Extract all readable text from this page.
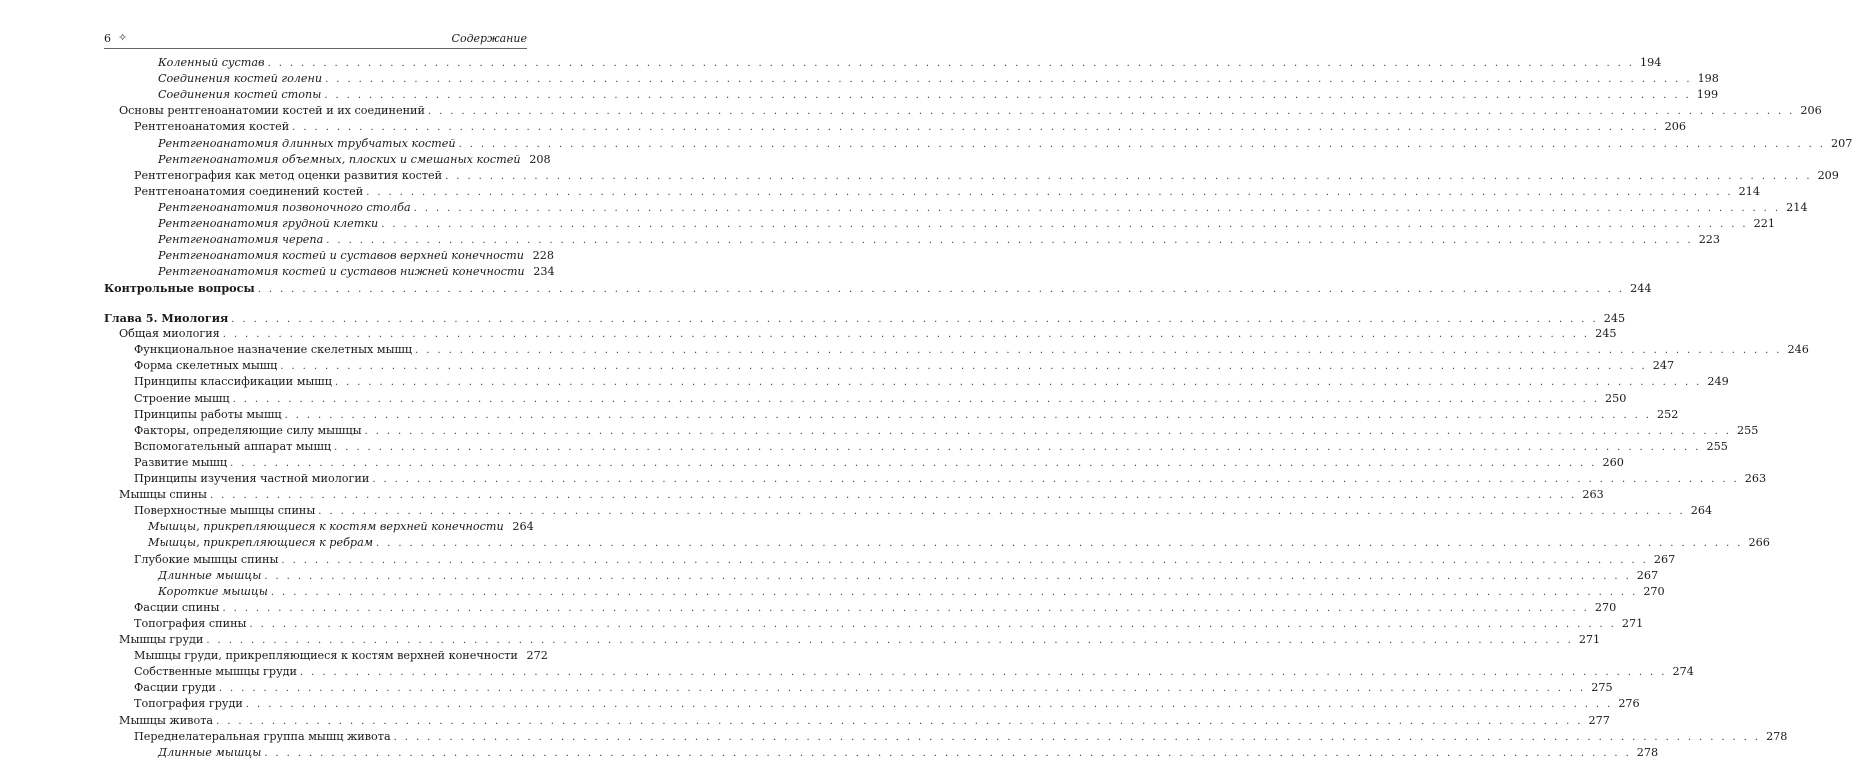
6 ✧	Содержание
Коленный сустав . . .	194
Соединения костей голени . . .	198
Соединения костей стопы . . .	199
Основы рентгеноанатомии костей и их соединений . . .	206
Рентгеноанатомия костей . . .	206
Рентгеноанатомия длинных трубчатых костей . . .	207
Рентгеноанатомия объемных, плоских и смешаных костей 208
Рентгенография как метод оценки развития костей . . .	209
Рентгеноанатомия соединений костей . . .	214
Рентгеноанатомия позвоночного столба . . .	214
Рентгеноанатомия грудной клетки . . .	221
Рентгеноанатомия черепа . . .	223
Рентгеноанатомия костей и суставов верхней конечности 228
Рентгеноанатомия костей и суставов нижней конечности 234
Контрольные вопросы . . .	244
Глава 5. Миология . . .	245
Общая миология . . .	245
Функциональное назначение скелетных мышц . . .	246
Форма скелетных мышц . . .	247
Принципы классификации мышц . . .	249
Строение мышц . . .	250
Принципы работы мышц . . .	252
Факторы, определяющие силу мышцы . . .	255
Вспомогательный аппарат мышц . . .	255
Развитие мышц . . .	260
Принципы изучения частной миологии . . .	263
Мышцы спины . . .	263
Поверхностные мышцы спины . . .	264
Мышцы, прикрепляющиеся к костям верхней конечности 264
Мышцы, прикрепляющиеся к ребрам . . .	266
Глубокие мышцы спины . . .	267
Длинные мышцы . . .	267
Короткие мышцы . . .	270
Фасции спины . . .	270
Топография спины . . .	271
Мышцы груди . . .	271
Мышцы груди, прикрепляющиеся к костям верхней конечности 272
Собственные мышцы груди . . .	274
Фасции груди . . .	275
Топография груди . . .	276
Мышцы живота . . .	277
Переднелатеральная группа мышц живота . . .	278
Длинные мышцы . . .	278
